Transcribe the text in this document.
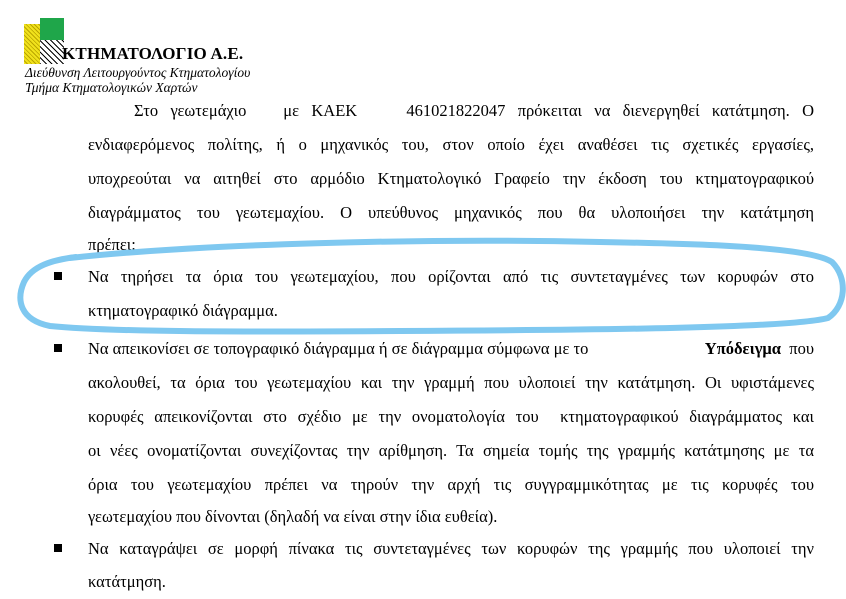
ΚΤΗΜΑΤΟΛΟΓΙΟ Α.Ε.
Διεύθυνση Λειτουργούντος Κτηματολογίου
Τμήμα Κτηματολογικών Χαρτών
Στο γεωτεμάχιο   με ΚΑΕΚ    461021822047 πρόκειται να διενεργηθεί κατάτμηση. Ο
ενδιαφερόμενος πολίτης, ή ο μηχανικός του, στον οποίο έχει αναθέσει τις σχετικές εργασίες,
υποχρεούται να αιτηθεί στο αρμόδιο Κτηματολογικό Γραφείο την έκδοση του κτηματογραφικού
διαγράμματος του γεωτεμαχίου. Ο υπεύθυνος μηχανικός που θα υλοποιήσει την κατάτμηση
πρέπει:
Να τηρήσει τα όρια του γεωτεμαχίου, που ορίζονται από τις συντεταγμένες των κορυφών στο
κτηματογραφικό διάγραμμα.
Να απεικονίσει σε τοπογραφικό διάγραμμα ή σε διάγραμμα σύμφωνα με το	Υπόδειγμα που
ακολουθεί, τα όρια του γεωτεμαχίου και την γραμμή που υλοποιεί την κατάτμηση. Οι υφιστάμενες
κορυφές απεικονίζονται στο σχέδιο με την ονοματολογία του  κτηματογραφικού διαγράμματος και
οι νέες ονοματίζονται συνεχίζοντας την αρίθμηση. Τα σημεία τομής της γραμμής κατάτμησης με τα
όρια του γεωτεμαχίου πρέπει να τηρούν την αρχή τις συγγραμμικότητας με τις κορυφές του
γεωτεμαχίου που δίνονται (δηλαδή να είναι στην ίδια ευθεία).
Να καταγράψει σε μορφή πίνακα τις συντεταγμένες των κορυφών της γραμμής που υλοποιεί την
κατάτμηση.
